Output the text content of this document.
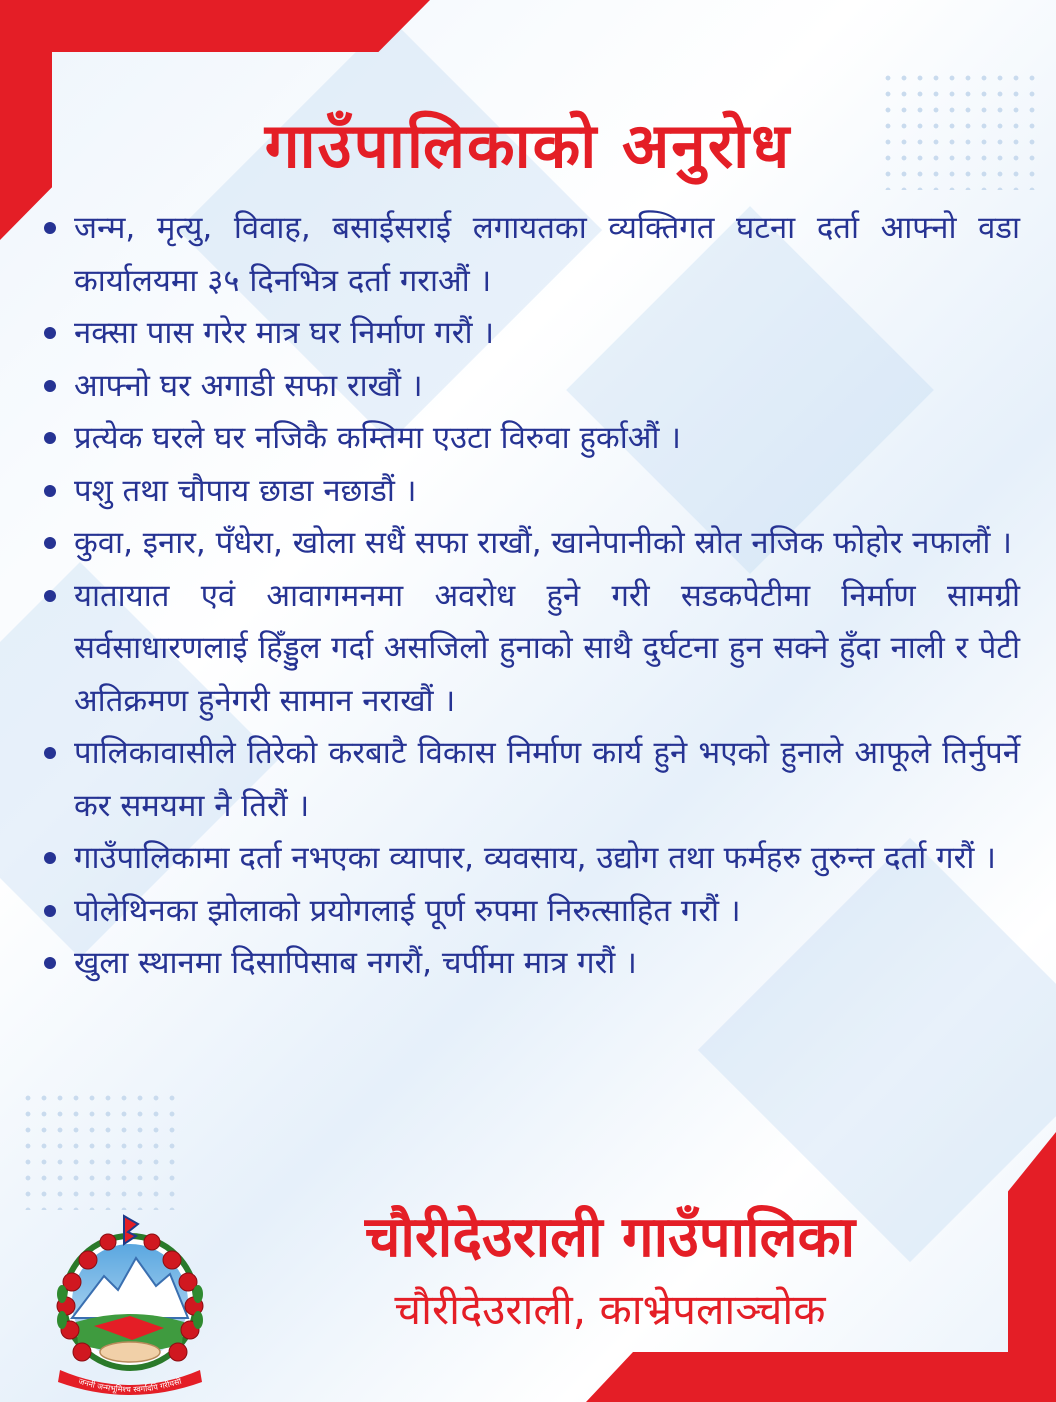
गाउँपालिकाको अनुरोध
जन्म, मृत्यु, विवाह, बसाईसराई लगायतका व्यक्तिगत घटना दर्ता आफ्नो वडा कार्यालयमा ३५ दिनभित्र दर्ता गराऔं ।
नक्सा पास गरेर मात्र घर निर्माण गरौं ।
आफ्नो घर अगाडी सफा राखौं ।
प्रत्येक घरले घर नजिकै कम्तिमा एउटा विरुवा हुर्काऔं ।
पशु तथा चौपाय छाडा नछाडौं ।
कुवा, इनार, पँधेरा, खोला सधैं सफा राखौं, खानेपानीको स्रोत नजिक फोहोर नफालौं ।
यातायात एवं आवागमनमा अवरोध हुने गरी सडकपेटीमा निर्माण सामग्री सर्वसाधारणलाई हिँड्डुल गर्दा असजिलो हुनाको साथै दुर्घटना हुन सक्ने हुँदा नाली र पेटी अतिक्रमण हुनेगरी सामान नराखौं ।
पालिकावासीले तिरेको करबाटै विकास निर्माण कार्य हुने भएको हुनाले आफूले तिर्नुपर्ने कर समयमा नै तिरौं ।
गाउँपालिकामा दर्ता नभएका व्यापार, व्यवसाय, उद्योग तथा फर्महरु तुरुन्त दर्ता गरौं ।
पोलेथिनका झोलाको प्रयोगलाई पूर्ण रुपमा निरुत्साहित गरौं ।
खुला स्थानमा दिसापिसाब नगरौं, चर्पीमा मात्र गरौं ।
जननी जन्मभूमिश्च स्वर्गादपि गरीयसी
चौरीदेउराली गाउँपालिका
चौरीदेउराली, काभ्रेपलाञ्चोक
